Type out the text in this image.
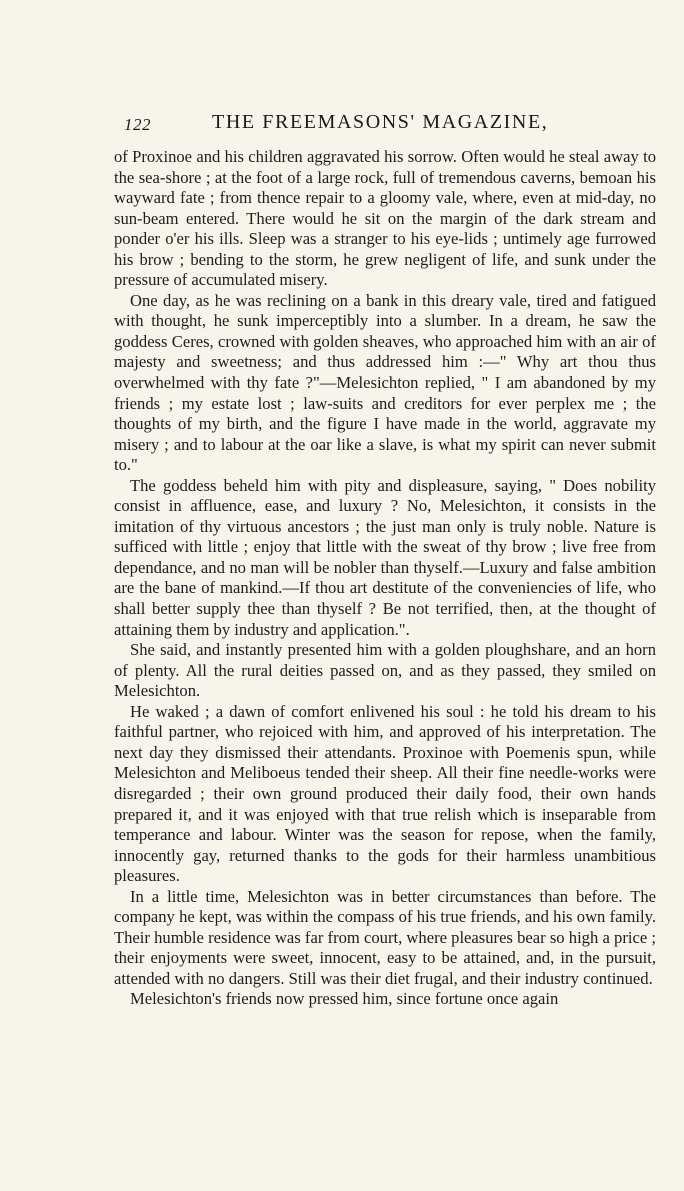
122	THE FREEMASONS' MAGAZINE,

of Proxinoe and his children aggravated his sorrow. Often would he steal away to the sea-shore ; at the foot of a large rock, full of tremendous caverns, bemoan his wayward fate ; from thence repair to a gloomy vale, where, even at mid-day, no sun-beam entered. There would he sit on the margin of the dark stream and ponder o'er his ills. Sleep was a stranger to his eye-lids ; untimely age furrowed his brow ; bending to the storm, he grew negligent of life, and sunk under the pressure of accumulated misery.

One day, as he was reclining on a bank in this dreary vale, tired and fatigued with thought, he sunk imperceptibly into a slumber. In a dream, he saw the goddess Ceres, crowned with golden sheaves, who approached him with an air of majesty and sweetness; and thus addressed him :—" Why art thou thus overwhelmed with thy fate ?"—Melesichton replied, " I am abandoned by my friends ; my estate lost ; law-suits and creditors for ever perplex me ; the thoughts of my birth, and the figure I have made in the world, aggravate my misery ; and to labour at the oar like a slave, is what my spirit can never submit to."

The goddess beheld him with pity and displeasure, saying, " Does nobility consist in affluence, ease, and luxury ? No, Melesichton, it consists in the imitation of thy virtuous ancestors ; the just man only is truly noble. Nature is sufficed with little ; enjoy that little with the sweat of thy brow ; live free from dependance, and no man will be nobler than thyself.—Luxury and false ambition are the bane of mankind.—If thou art destitute of the conveniencies of life, who shall better supply thee than thyself ? Be not terrified, then, at the thought of attaining them by industry and application.".

She said, and instantly presented him with a golden ploughshare, and an horn of plenty. All the rural deities passed on, and as they passed, they smiled on Melesichton.

He waked ; a dawn of comfort enlivened his soul : he told his dream to his faithful partner, who rejoiced with him, and approved of his interpretation. The next day they dismissed their attendants. Proxinoe with Poemenis spun, while Melesichton and Meliboeus tended their sheep. All their fine needle-works were disregarded ; their own ground produced their daily food, their own hands prepared it, and it was enjoyed with that true relish which is inseparable from temperance and labour. Winter was the season for repose, when the family, innocently gay, returned thanks to the gods for their harmless unambitious pleasures.

In a little time, Melesichton was in better circumstances than before. The company he kept, was within the compass of his true friends, and his own family. Their humble residence was far from court, where pleasures bear so high a price ; their enjoyments were sweet, innocent, easy to be attained, and, in the pursuit, attended with no dangers. Still was their diet frugal, and their industry continued.

Melesichton's friends now pressed him, since fortune once again
